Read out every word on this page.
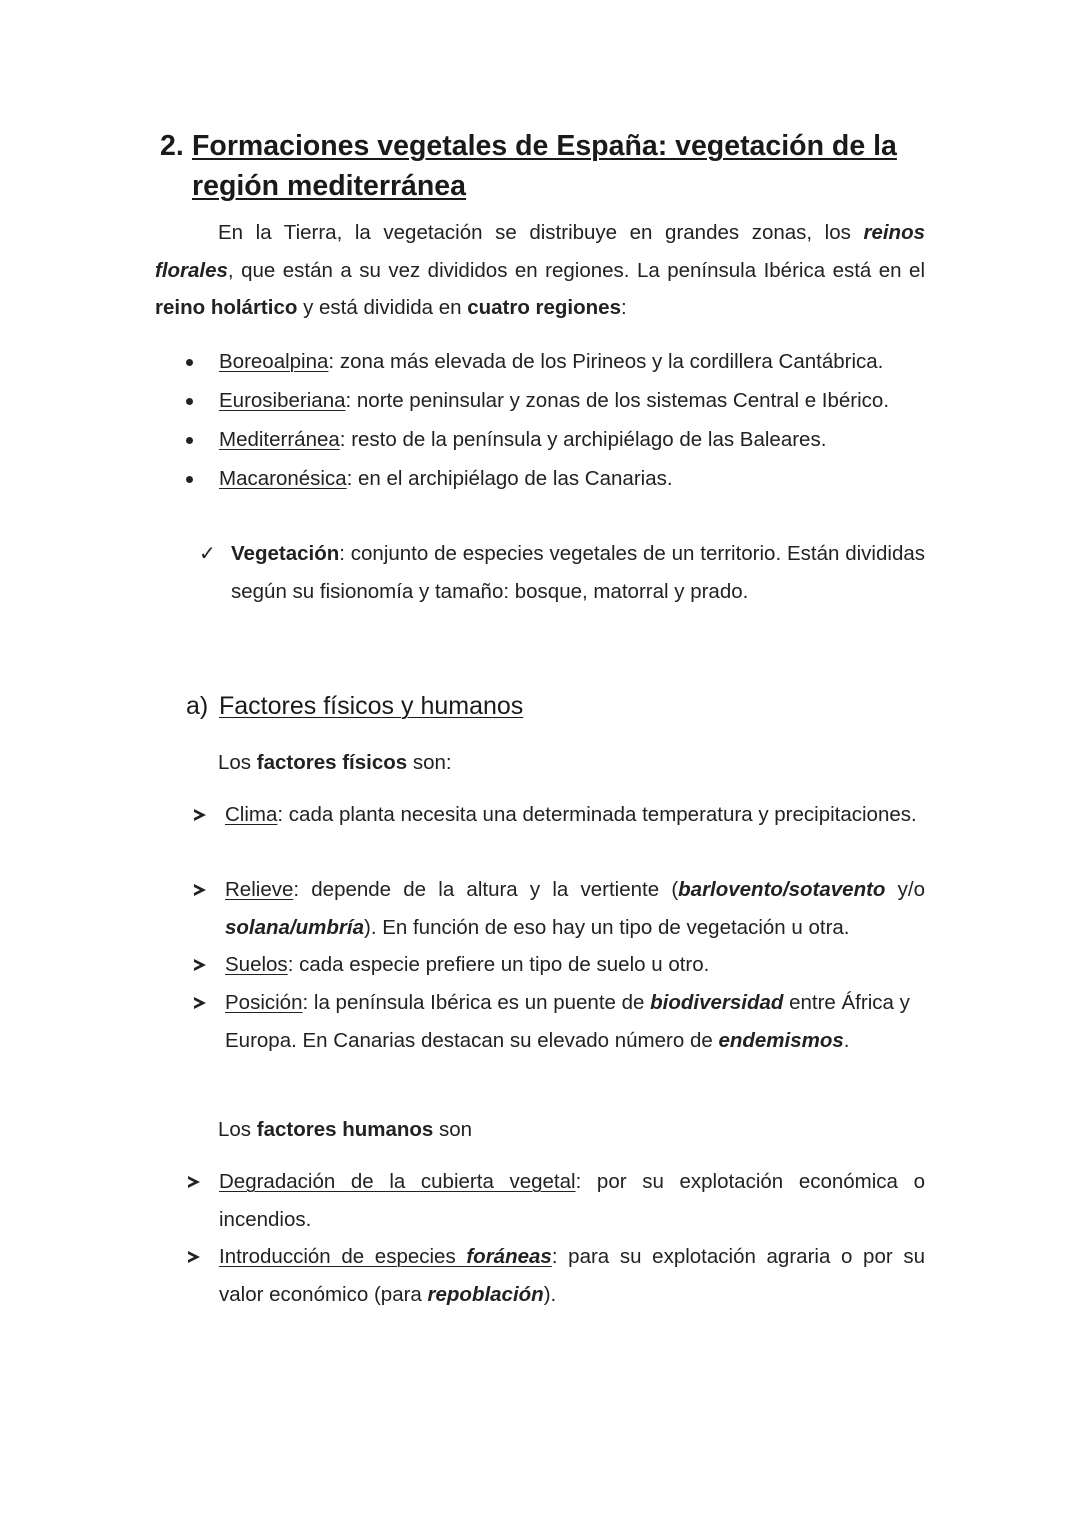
2. Formaciones vegetales de España: vegetación de la región mediterránea
En la Tierra, la vegetación se distribuye en grandes zonas, los reinos florales, que están a su vez divididos en regiones. La península Ibérica está en el reino holártico y está dividida en cuatro regiones:
Boreoalpina: zona más elevada de los Pirineos y la cordillera Cantábrica.
Eurosiberiana: norte peninsular y zonas de los sistemas Central e Ibérico.
Mediterránea: resto de la península y archipiélago de las Baleares.
Macaronésica: en el archipiélago de las Canarias.
✓ Vegetación: conjunto de especies vegetales de un territorio. Están divididas según su fisionomía y tamaño: bosque, matorral y prado.
a) Factores físicos y humanos
Los factores físicos son:
Clima: cada planta necesita una determinada temperatura y precipitaciones.
Relieve: depende de la altura y la vertiente (barlovento/sotavento y/o solana/umbría). En función de eso hay un tipo de vegetación u otra.
Suelos: cada especie prefiere un tipo de suelo u otro.
Posición: la península Ibérica es un puente de biodiversidad entre África y Europa. En Canarias destacan su elevado número de endemismos.
Los factores humanos son
Degradación de la cubierta vegetal: por su explotación económica o incendios.
Introducción de especies foráneas: para su explotación agraria o por su valor económico (para repoblación).
